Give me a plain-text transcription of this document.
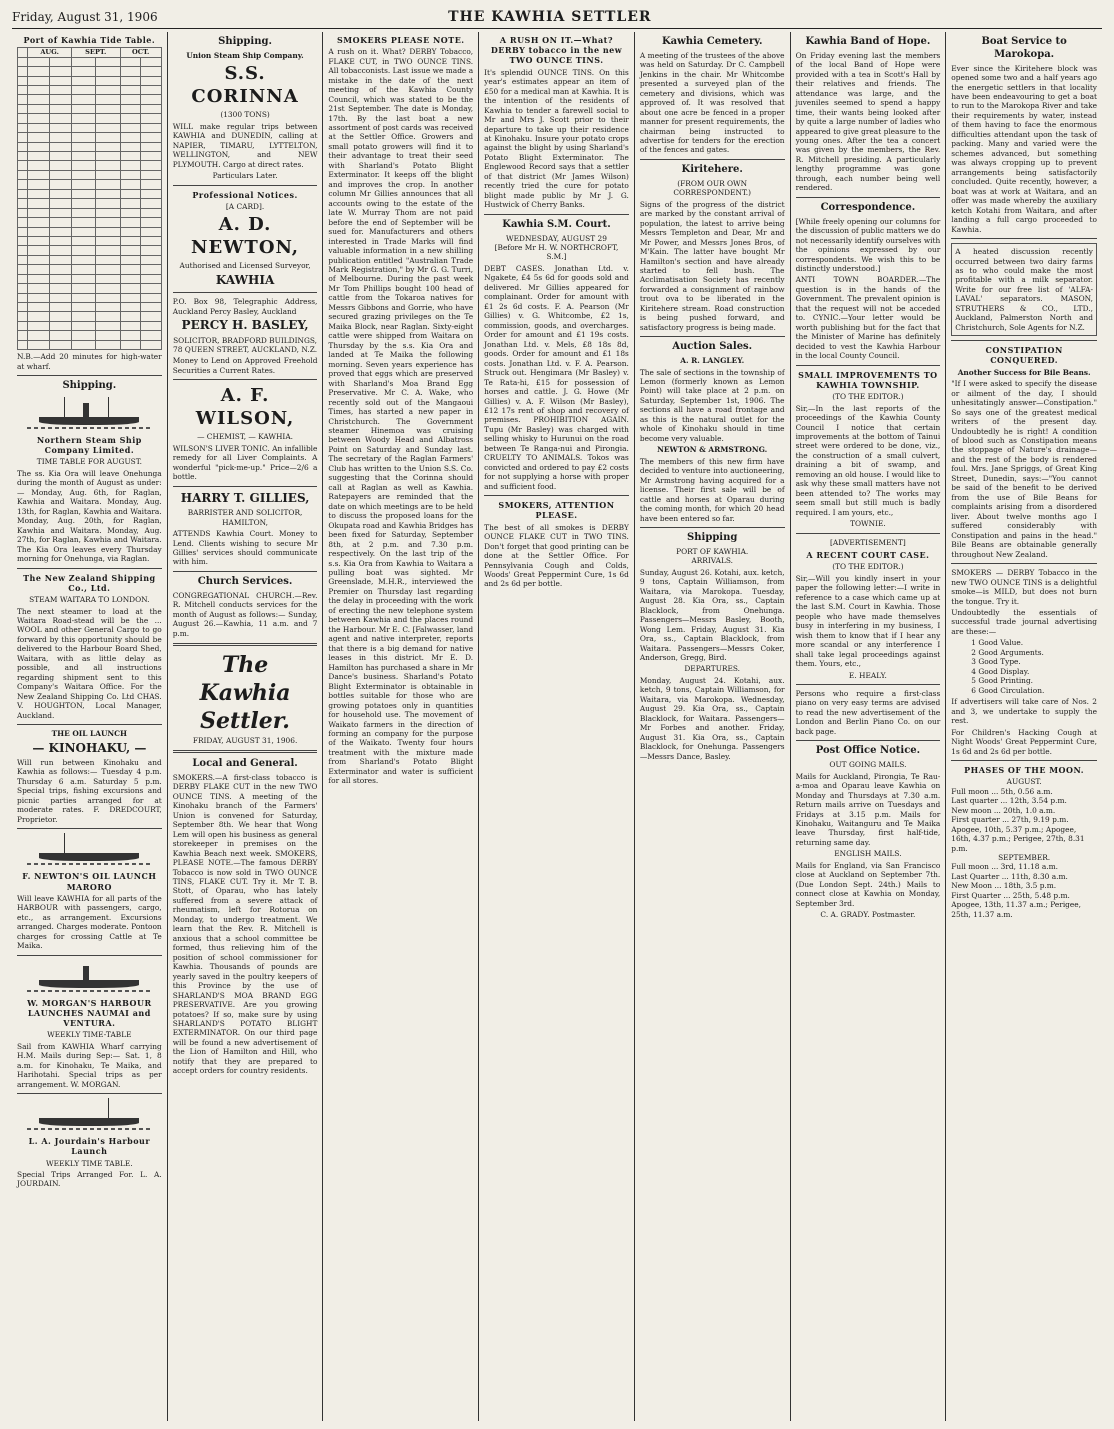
Friday, August 31, 1906	THE KAWHIA SETTLER
Port of Kawhia Tide Table.
	AUG.		SEPT.		OCT.	

N.B.—Add 20 minutes for high-water at wharf.

Shipping.
Northern Steam Ship Company Limited.
TIME TABLE FOR AUGUST.

The ss. Kia Ora will leave Onehunga during the month of August as under:— Monday, Aug. 6th, for Raglan, Kawhia and Waitara. Monday, Aug. 13th, for Raglan, Kawhia and Waitara. Monday, Aug. 20th, for Raglan, Kawhia and Waitara. Monday, Aug. 27th, for Raglan, Kawhia and Waitara. The Kia Ora leaves every Thursday morning for Onehunga, via Raglan.

The New Zealand Shipping Co., Ltd.
STEAM WAITARA TO LONDON.

The next steamer to load at the Waitara Road-stead will be the ... WOOL and other General Cargo to go forward by this opportunity should be delivered to the Harbour Board Shed, Waitara, with as little delay as possible, and all instructions regarding shipment sent to this Company's Waitara Office. For the New Zealand Shipping Co. Ltd CHAS. V. HOUGHTON, Local Manager, Auckland.

THE OIL LAUNCH
— KINOHAKU, —

Will run between Kinohaku and Kawhia as follows:— Tuesday 4 p.m. Thursday 6 a.m. Saturday 5 p.m. Special trips, fishing excursions and picnic parties arranged for at moderate rates. F. DREDCOURT, Proprietor.

F. NEWTON'S OIL LAUNCH MARORO

Will leave KAWHIA for all parts of the HARBOUR with passengers, cargo, etc., as arrangement. Excursions arranged. Charges moderate. Pontoon charges for crossing Cattle at Te Maika.

W. MORGAN'S HARBOUR LAUNCHES NAUMAI and VENTURA.
WEEKLY TIME-TABLE

Sail from KAWHIA Wharf carrying H.M. Mails during Sep:— Sat. 1, 8 a.m. for Kinohaku, Te Maika, and Harihotahi. Special trips as per arrangement. W. MORGAN.

L. A. Jourdain's Harbour Launch
WEEKLY TIME TABLE.

Special Trips Arranged For. L. A. JOURDAIN.

Shipping.
Union Steam Ship Company.
S.S. CORINNA
(1300 TONS)

WILL make regular trips between KAWHIA and DUNEDIN, calling at NAPIER, TIMARU, LYTTELTON, WELLINGTON, and NEW PLYMOUTH. Cargo at direct rates.

Particulars Later.
Professional Notices.
[A CARD].
A. D. NEWTON,
Authorised and Licensed Surveyor,
KAWHIA

P.O. Box 98, Telegraphic Address, Auckland Percy Basley, Auckland

PERCY H. BASLEY,
SOLICITOR, BRADFORD BUILDINGS, 78 QUEEN STREET, AUCKLAND, N.Z.

Money to Lend on Approved Freehold Securities a Current Rates.

A. F. WILSON,
— CHEMIST, — KAWHIA.

WILSON'S LIVER TONIC. An infallible remedy for all Liver Complaints. A wonderful "pick-me-up." Price—2/6 a bottle.

HARRY T. GILLIES,
BARRISTER AND SOLICITOR, HAMILTON,

ATTENDS Kawhia Court. Money to Lend. Clients wishing to secure Mr Gillies' services should communicate with him.

Church Services.

CONGREGATIONAL CHURCH.—Rev. R. Mitchell conducts services for the month of August as follows:— Sunday, August 26.—Kawhia, 11 a.m. and 7 p.m.

The Kawhia Settler.
FRIDAY, AUGUST 31, 1906.
Local and General.

SMOKERS.—A first-class tobacco is DERBY FLAKE CUT in the new TWO OUNCE TINS. A meeting of the Kinohaku branch of the Farmers' Union is convened for Saturday, September 8th. We hear that Wong Lem will open his business as general storekeeper in premises on the Kawhia Beach next week. SMOKERS, PLEASE NOTE.—The famous DERBY Tobacco is now sold in TWO OUNCE TINS, FLAKE CUT. Try it. Mr T. B. Stott, of Oparau, who has lately suffered from a severe attack of rheumatism, left for Rotorua on Monday, to undergo treatment. We learn that the Rev. R. Mitchell is anxious that a school committee be formed, thus relieving him of the position of school commissioner for Kawhia. Thousands of pounds are yearly saved in the poultry keepers of this Province by the use of SHARLAND'S MOA BRAND EGG PRESERVATIVE. Are you growing potatoes? If so, make sure by using SHARLAND'S POTATO BLIGHT EXTERMINATOR. On our third page will be found a new advertisement of the Lion of Hamilton and Hill, who notify that they are prepared to accept orders for country residents.

SMOKERS PLEASE NOTE.

A rush on it. What? DERBY Tobacco, FLAKE CUT, in TWO OUNCE TINS. All tobacconists. Last issue we made a mistake in the date of the next meeting of the Kawhia County Council, which was stated to be the 21st September. The date is Monday, 17th. By the last boat a new assortment of post cards was received at the Settler Office. Growers and small potato growers will find it to their advantage to treat their seed with Sharland's Potato Blight Exterminator. It keeps off the blight and improves the crop. In another column Mr Gillies announces that all accounts owing to the estate of the late W. Murray Thom are not paid before the end of September will be sued for. Manufacturers and others interested in Trade Marks will find valuable information in a new shilling publication entitled "Australian Trade Mark Registration," by Mr G. G. Turri, of Melbourne. During the past week Mr Tom Phillips bought 100 head of cattle from the Tokaroa natives for Messrs Gibbons and Gorrie, who have secured grazing privileges on the Te Maika Block, near Raglan. Sixty-eight cattle were shipped from Waitara on Thursday by the s.s. Kia Ora and landed at Te Maika the following morning. Seven years experience has proved that eggs which are preserved with Sharland's Moa Brand Egg Preservative. Mr C. A. Wake, who recently sold out of the Mangaoui Times, has started a new paper in Christchurch. The Government steamer Hinemoa was cruising between Woody Head and Albatross Point on Saturday and Sunday last. The secretary of the Raglan Farmers' Club has written to the Union S.S. Co. suggesting that the Corinna should call at Raglan as well as Kawhia. Ratepayers are reminded that the date on which meetings are to be held to discuss the proposed loans for the Okupata road and Kawhia Bridges has been fixed for Saturday, September 8th, at 2 p.m. and 7.30 p.m. respectively. On the last trip of the s.s. Kia Ora from Kawhia to Waitara a pulling boat was sighted. Mr Greenslade, M.H.R., interviewed the Premier on Thursday last regarding the delay in proceeding with the work of erecting the new telephone system between Kawhia and the places round the Harbour. Mr E. C. [Falwasser, land agent and native interpreter, reports that there is a big demand for native leases in this district. Mr E. D. Hamilton has purchased a share in Mr Dance's business. Sharland's Potato Blight Exterminator is obtainable in bottles suitable for those who are growing potatoes only in quantities for household use. The movement of Waikato farmers in the direction of forming an company for the purpose of the Waikato. Twenty four hours treatment with the mixture made from Sharland's Potato Blight Exterminator and water is sufficient for all stores.

A RUSH ON IT.—What? DERBY tobacco in the new TWO OUNCE TINS.

It's splendid OUNCE TINS. On this year's estimates appear an item of £50 for a medical man at Kawhia. It is the intention of the residents of Kawhia to tender a farewell social to Mr and Mrs J. Scott prior to their departure to take up their residence at Kinohaku. Insure your potato crops against the blight by using Sharland's Potato Blight Exterminator. The Englewood Record says that a settler of that district (Mr James Wilson) recently tried the cure for potato blight made public by Mr J. G. Hustwick of Cherry Banks.

Kawhia S.M. Court.
WEDNESDAY, AUGUST 29
[Before Mr H. W. NORTHCROFT, S.M.]

DEBT CASES. Jonathan Ltd. v. Ngakete, £4 5s 6d for goods sold and delivered. Mr Gillies appeared for complainant. Order for amount with £1 2s 6d costs. F. A. Pearson (Mr Gillies) v. G. Whitcombe, £2 1s, commission, goods, and overcharges. Order for amount and £1 19s costs. Jonathan Ltd. v. Mels, £8 18s 8d, goods. Order for amount and £1 18s costs. Jonathan Ltd. v. F. A. Pearson. Struck out. Hengimara (Mr Basley) v. Te Rata-hi, £15 for possession of horses and cattle. J. G. Howe (Mr Gillies) v. A. F. Wilson (Mr Basley), £12 17s rent of shop and recovery of premises. PROHIBITION AGAIN. Tupu (Mr Basley) was charged with selling whisky to Hurunui on the road between Te Ranga-nui and Pirongia. CRUELTY TO ANIMALS. Tokos was convicted and ordered to pay £2 costs for not supplying a horse with proper and sufficient food.

SMOKERS, ATTENTION PLEASE.

The best of all smokes is DERBY OUNCE FLAKE CUT in TWO TINS. Don't forget that good printing can be done at the Settler Office. For Pennsylvania Cough and Colds, Woods' Great Peppermint Cure, 1s 6d and 2s 6d per bottle.

Kawhia Cemetery.

A meeting of the trustees of the above was held on Saturday. Dr C. Campbell Jenkins in the chair. Mr Whitcombe presented a surveyed plan of the cemetery and divisions, which was approved of. It was resolved that about one acre be fenced in a proper manner for present requirements, the chairman being instructed to advertise for tenders for the erection of the fences and gates.

Kiritehere.
(FROM OUR OWN CORRESPONDENT.)

Signs of the progress of the district are marked by the constant arrival of population, the latest to arrive being Messrs Templeton and Dear, Mr and Mr Power, and Messrs Jones Bros, of M'Kain. The latter have bought Mr Hamilton's section and have already started to fell bush. The Acclimatisation Society has recently forwarded a consignment of rainbow trout ova to be liberated in the Kiritehere stream. Road construction is being pushed forward, and satisfactory progress is being made.

Auction Sales.
A. R. LANGLEY.

The sale of sections in the township of Lemon (formerly known as Lemon Point) will take place at 2 p.m. on Saturday, September 1st, 1906. The sections all have a road frontage and as this is the natural outlet for the whole of Kinohaku should in time become very valuable.

NEWTON & ARMSTRONG.

The members of this new firm have decided to venture into auctioneering, Mr Armstrong having acquired for a license. Their first sale will be of cattle and horses at Oparau during the coming month, for which 20 head have been entered so far.

Shipping
PORT OF KAWHIA.
ARRIVALS.

Sunday, August 26. Kotahi, aux. ketch, 9 tons, Captain Williamson, from Waitara, via Marokopa. Tuesday, August 28. Kia Ora, ss., Captain Blacklock, from Onehunga. Passengers—Messrs Basley, Booth, Wong Lem. Friday, August 31. Kia Ora, ss., Captain Blacklock, from Waitara. Passengers—Messrs Coker, Anderson, Gregg, Bird.

DEPARTURES.

Monday, August 24. Kotahi, aux. ketch, 9 tons, Captain Williamson, for Waitara, via Marokopa. Wednesday, August 29. Kia Ora, ss., Captain Blacklock, for Waitara. Passengers—Mr Forbes and another. Friday, August 31. Kia Ora, ss., Captain Blacklock, for Onehunga. Passengers—Messrs Dance, Basley.

Kawhia Band of Hope.

On Friday evening last the members of the local Band of Hope were provided with a tea in Scott's Hall by their relatives and friends. The attendance was large, and the juveniles seemed to spend a happy time, their wants being looked after by quite a large number of ladies who appeared to give great pleasure to the young ones. After the tea a concert was given by the members, the Rev. R. Mitchell presiding. A particularly lengthy programme was gone through, each number being well rendered.

Correspondence.

[While freely opening our columns for the discussion of public matters we do not necessarily identify ourselves with the opinions expressed by our correspondents. We wish this to be distinctly understood.]

ANTI TOWN BOARDER.—The question is in the hands of the Government. The prevalent opinion is that the request will not be acceded to. CYNIC.—Your letter would be worth publishing but for the fact that the Minister of Marine has definitely decided to vest the Kawhia Harbour in the local County Council.

SMALL IMPROVEMENTS TO KAWHIA TOWNSHIP.
(TO THE EDITOR.)

Sir,—In the last reports of the proceedings of the Kawhia County Council I notice that certain improvements at the bottom of Tainui street were ordered to be done, viz., the construction of a small culvert, draining a bit of swamp, and removing an old house. I would like to ask why these small matters have not been attended to? The works may seem small but still much is badly required. I am yours, etc.,

TOWNIE.
[ADVERTISEMENT]
A RECENT COURT CASE.
(TO THE EDITOR.)

Sir,—Will you kindly insert in your paper the following letter:—I write in reference to a case which came up at the last S.M. Court in Kawhia. Those people who have made themselves busy in interfering in my business, I wish them to know that if I hear any more scandal or any interference I shall take legal proceedings against them. Yours, etc.,

E. HEALY.

Persons who require a first-class piano on very easy terms are advised to read the new advertisement of the London and Berlin Piano Co. on our back page.

Post Office Notice.
OUT GOING MAILS.

Mails for Auckland, Pirongia, Te Rau-a-moa and Oparau leave Kawhia on Monday and Thursdays at 7.30 a.m. Return mails arrive on Tuesdays and Fridays at 3.15 p.m. Mails for Kinohaku, Waitanguru and Te Maika leave Thursday, first half-tide, returning same day.

ENGLISH MAILS.

Mails for England, via San Francisco close at Auckland on September 7th. (Due London Sept. 24th.) Mails to connect close at Kawhia on Monday, September 3rd.

C. A. GRADY. Postmaster.
Boat Service to Marokopa.

Ever since the Kiritehere block was opened some two and a half years ago the energetic settlers in that locality have been endeavouring to get a boat to run to the Marokopa River and take their requirements by water, instead of them having to face the enormous difficulties attendant upon the task of packing. Many and varied were the schemes advanced, but something was always cropping up to prevent arrangements being satisfactorily concluded. Quite recently, however, a boat was at work at Waitara, and an offer was made whereby the auxiliary ketch Kotahi from Waitara, and after landing a full cargo proceeded to Kawhia.

A heated discussion recently occurred between two dairy farms as to who could make the most profitable with a milk separator. Write for our free list of 'ALFA-LAVAL' separators. MASON, STRUTHERS & CO., LTD., Auckland, Palmerston North and Christchurch, Sole Agents for N.Z.

CONSTIPATION CONQUERED.
Another Success for Bile Beans.

"If I were asked to specify the disease or ailment of the day, I should unhesitatingly answer—Constipation." So says one of the greatest medical writers of the present day. Undoubtedly he is right! A condition of blood such as Constipation means the stoppage of Nature's drainage—and the rest of the body is rendered foul. Mrs. Jane Spriggs, of Great King Street, Dunedin, says:—"You cannot be said of the benefit to be derived from the use of Bile Beans for complaints arising from a disordered liver. About twelve months ago I suffered considerably with Constipation and pains in the head." Bile Beans are obtainable generally throughout New Zealand.

SMOKERS — DERBY Tobacco in the new TWO OUNCE TINS is a delightful smoke—is MILD, but does not burn the tongue. Try it.

Undoubtedly the essentials of successful trade journal advertising are these:—

1 Good Value.
2 Good Arguments.
3 Good Type.
4 Good Display.
5 Good Printing.
6 Good Circulation.

If advertisers will take care of Nos. 2 and 3, we undertake to supply the rest.

For Children's Hacking Cough at Night Woods' Great Peppermint Cure, 1s 6d and 2s 6d per bottle.

PHASES OF THE MOON.
AUGUST.
Full moon ... 5th, 0.56 a.m.
Last quarter ... 12th, 3.54 p.m.
New moon ... 20th, 1.0 a.m.
First quarter ... 27th, 9.19 p.m.
Apogee, 10th, 5.37 p.m.; Apogee, 16th, 4.37 p.m.; Perigee, 27th, 8.31 p.m.
SEPTEMBER.
Full moon ... 3rd, 11.18 a.m.
Last Quarter ... 11th, 8.30 a.m.
New Moon ... 18th, 3.5 p.m.
First Quarter ... 25th, 5.48 p.m.
Apogee, 13th, 11.37 a.m.; Perigee, 25th, 11.37 a.m.
